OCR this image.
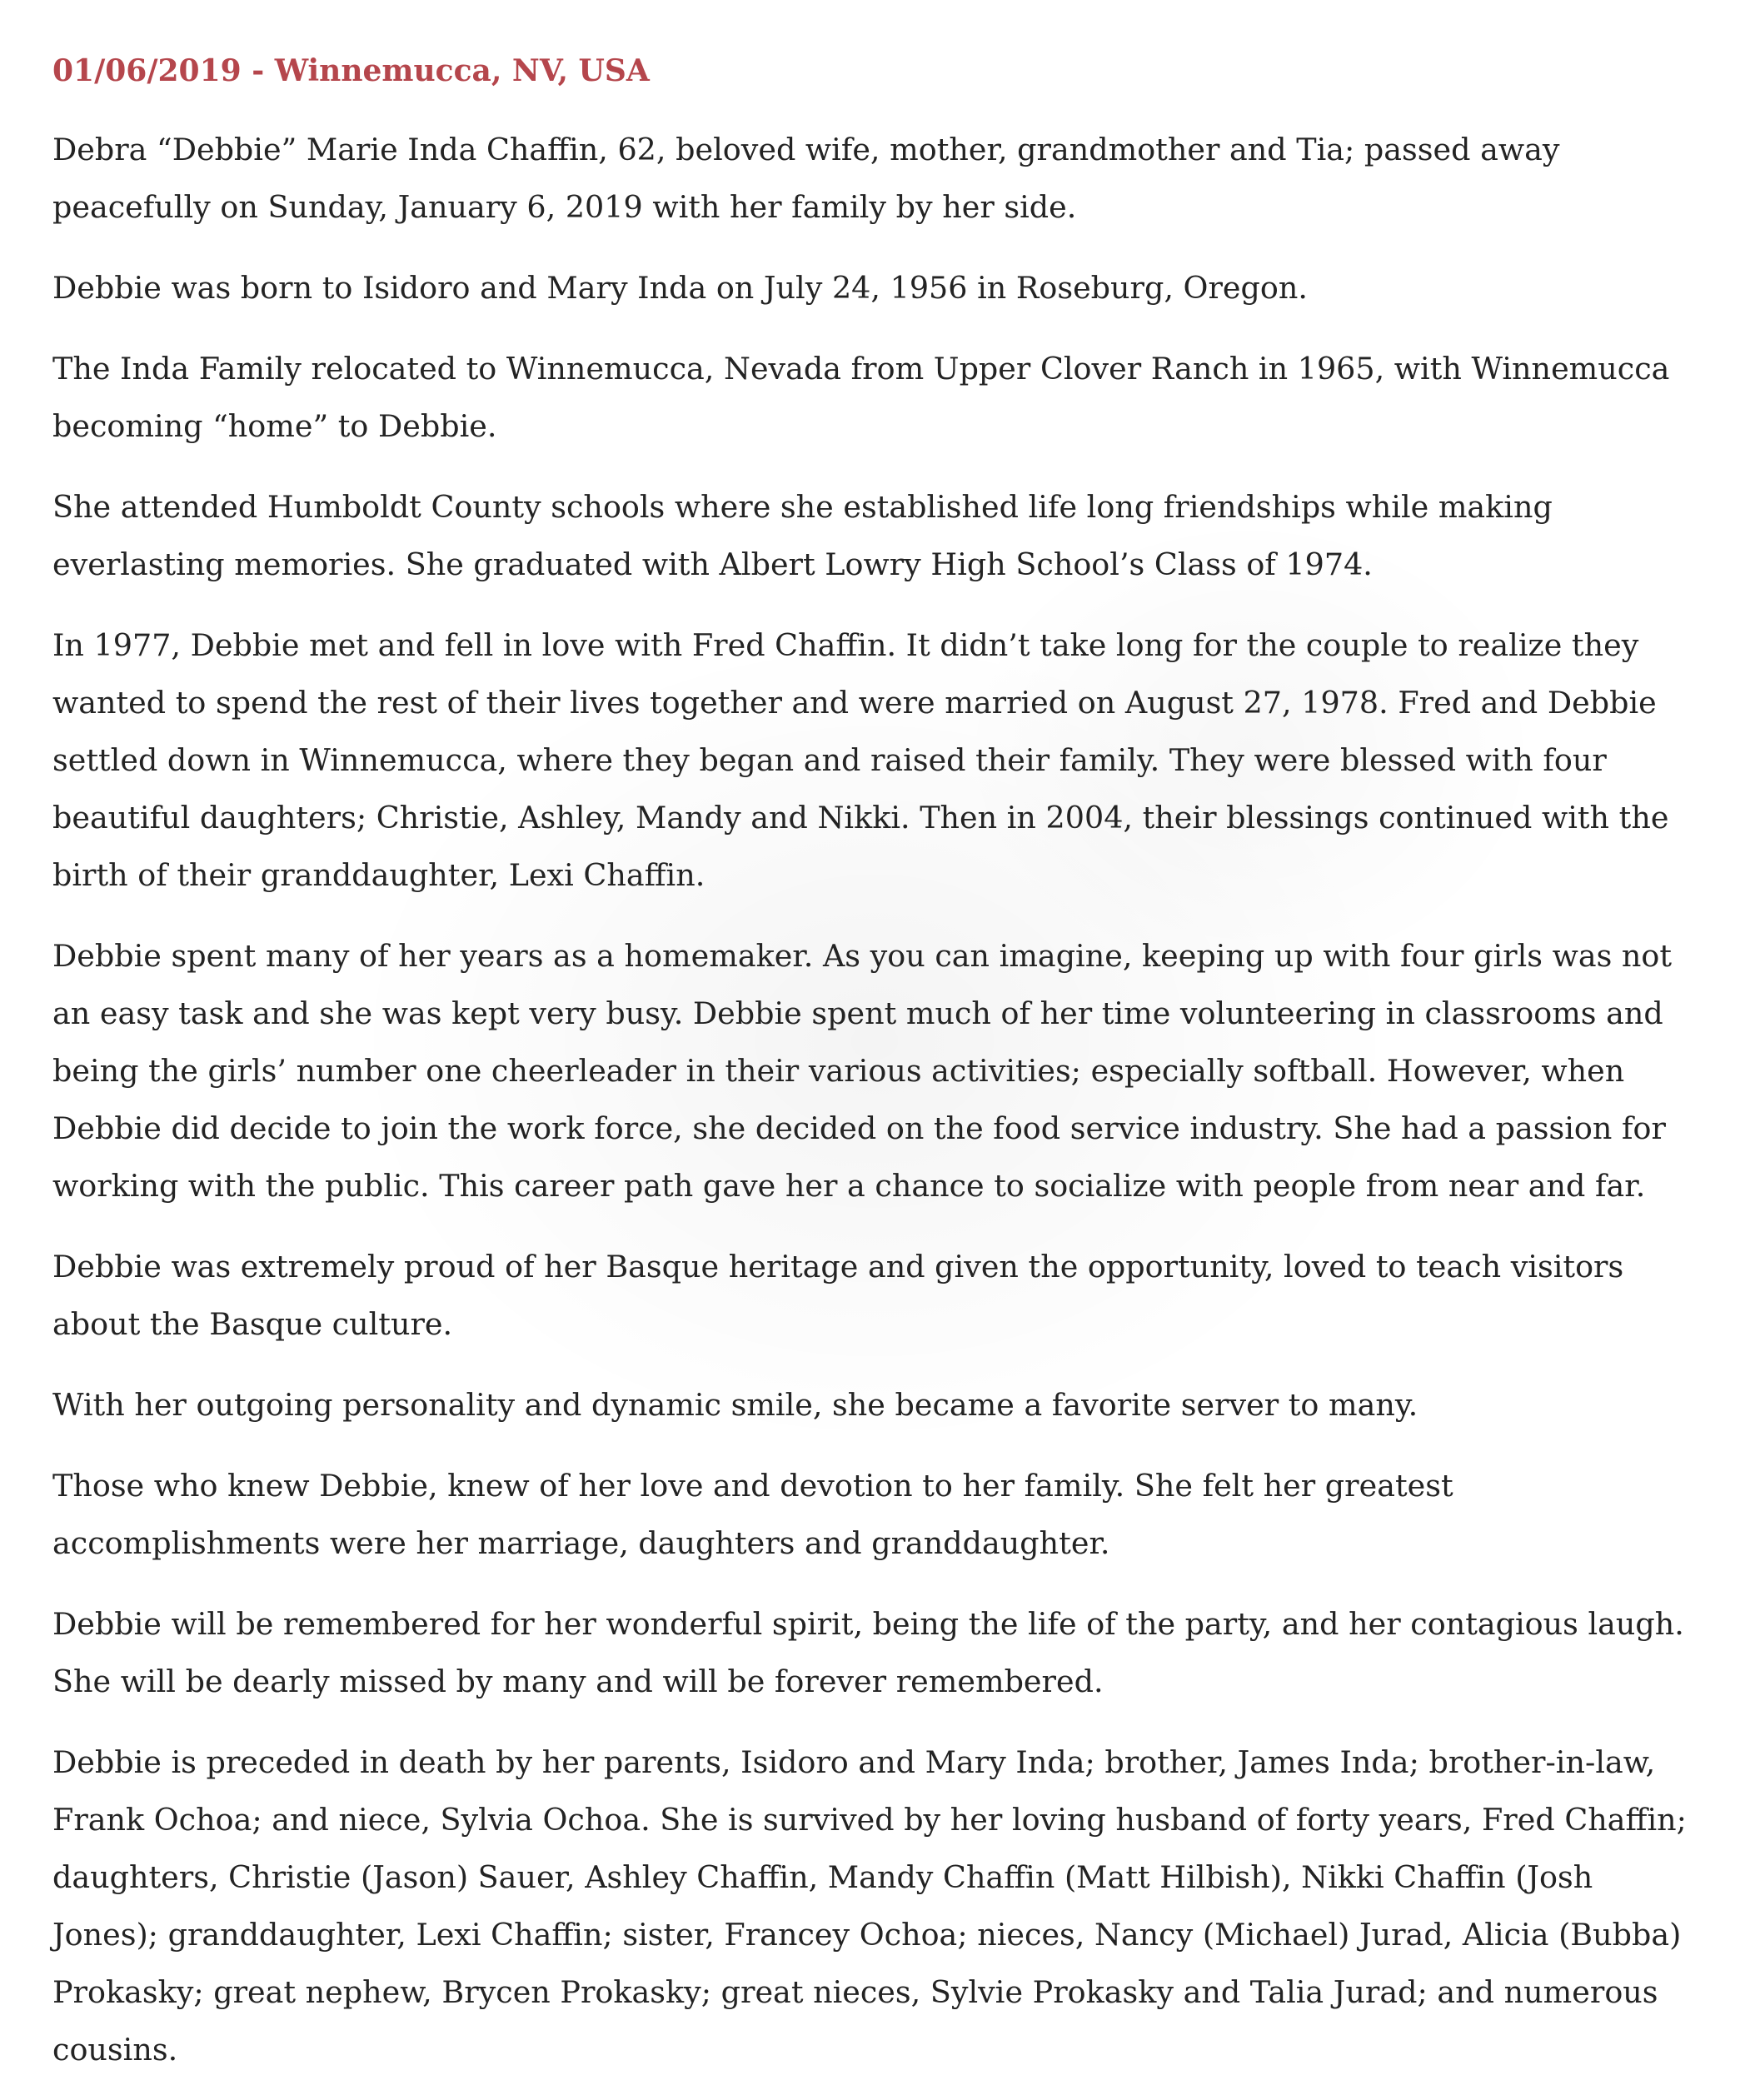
01/06/2019 - Winnemucca, NV, USA
Debra “Debbie” Marie Inda Chaffin, 62, beloved wife, mother, grandmother and Tia; passed away peacefully on Sunday, January 6, 2019 with her family by her side.
Debbie was born to Isidoro and Mary Inda on July 24, 1956 in Roseburg, Oregon.
The Inda Family relocated to Winnemucca, Nevada from Upper Clover Ranch in 1965, with Winnemucca becoming “home” to Debbie.
She attended Humboldt County schools where she established life long friendships while making everlasting memories. She graduated with Albert Lowry High School’s Class of 1974.
In 1977, Debbie met and fell in love with Fred Chaffin. It didn’t take long for the couple to realize they wanted to spend the rest of their lives together and were married on August 27, 1978. Fred and Debbie settled down in Winnemucca, where they began and raised their family. They were blessed with four beautiful daughters; Christie, Ashley, Mandy and Nikki. Then in 2004, their blessings continued with the birth of their granddaughter, Lexi Chaffin.
Debbie spent many of her years as a homemaker. As you can imagine, keeping up with four girls was not an easy task and she was kept very busy. Debbie spent much of her time volunteering in classrooms and being the girls’ number one cheerleader in their various activities; especially softball. However, when Debbie did decide to join the work force, she decided on the food service industry. She had a passion for working with the public. This career path gave her a chance to socialize with people from near and far.
Debbie was extremely proud of her Basque heritage and given the opportunity, loved to teach visitors about the Basque culture.
With her outgoing personality and dynamic smile, she became a favorite server to many.
Those who knew Debbie, knew of her love and devotion to her family. She felt her greatest accomplishments were her marriage, daughters and granddaughter.
Debbie will be remembered for her wonderful spirit, being the life of the party, and her contagious laugh. She will be dearly missed by many and will be forever remembered.
Debbie is preceded in death by her parents, Isidoro and Mary Inda; brother, James Inda; brother-in-law, Frank Ochoa; and niece, Sylvia Ochoa. She is survived by her loving husband of forty years, Fred Chaffin; daughters, Christie (Jason) Sauer, Ashley Chaffin, Mandy Chaffin (Matt Hilbish), Nikki Chaffin (Josh Jones); granddaughter, Lexi Chaffin; sister, Francey Ochoa; nieces, Nancy (Michael) Jurad, Alicia (Bubba) Prokasky; great nephew, Brycen Prokasky; great nieces, Sylvie Prokasky and Talia Jurad; and numerous cousins.
